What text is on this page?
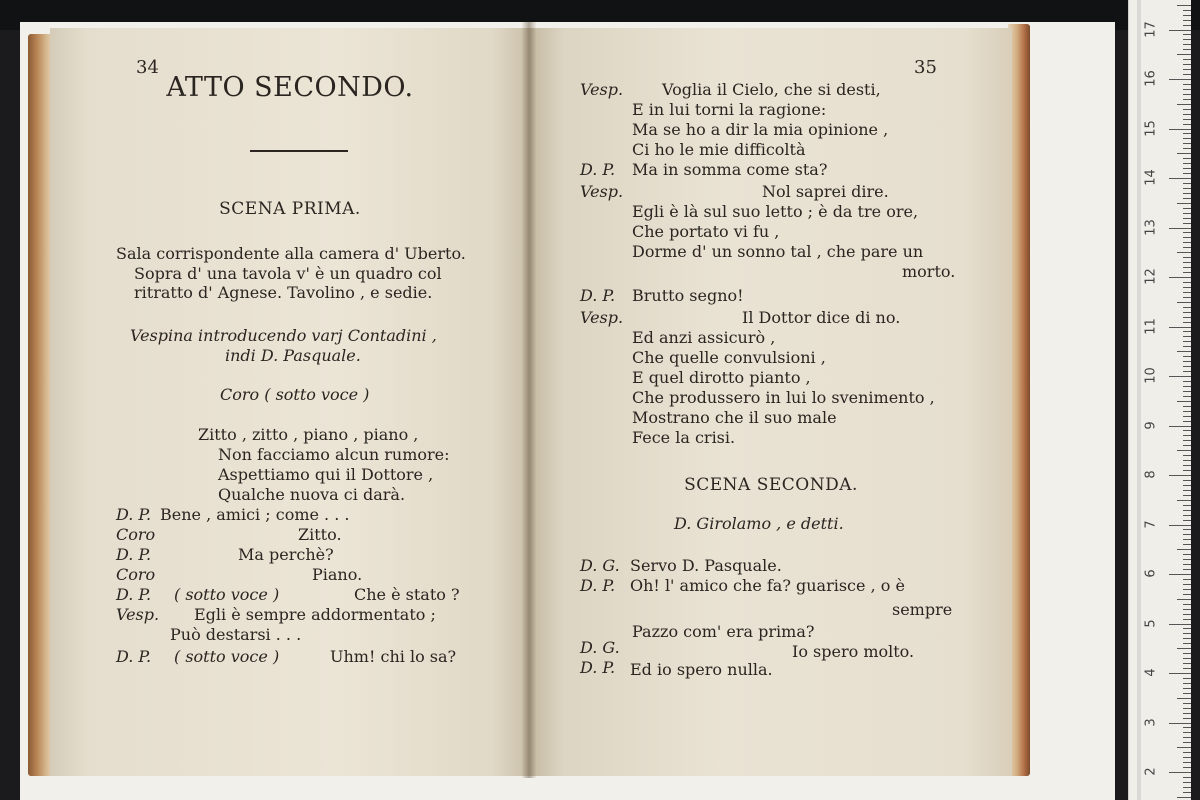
34
ATTO SECONDO.
SCENA PRIMA.
Sala corrispondente alla camera d' Uberto.
Sopra d' una tavola v' è un quadro col
ritratto d' Agnese. Tavolino , e sedie.
Vespina introducendo varj Contadini ,
indi D. Pasquale.
Coro ( sotto voce )
Zitto , zitto , piano , piano ,
Non facciamo alcun rumore:
Aspettiamo qui il Dottore ,
Qualche nuova ci darà.
D. P. Bene , amici ; come . . .
Coro	Zitto.
D. P.	Ma perchè?
Coro	Piano.
D. P. ( sotto voce )	Che è stato ?
Vesp. Egli è sempre addormentato ;
Può destarsi . . .
D. P. ( sotto voce )	Uhm! chi lo sa?
35
Vesp. Voglia il Cielo, che si desti,
E in lui torni la ragione:
Ma se ho a dir la mia opinione ,
Ci ho le mie difficoltà
D. P. Ma in somma come sta?
Vesp.	Nol saprei dire.
Egli è là sul suo letto ; è da tre ore,
Che portato vi fu ,
Dorme d' un sonno tal , che pare un
morto.
D. P. Brutto segno!
Vesp.	Il Dottor dice di no.
Ed anzi assicurò ,
Che quelle convulsioni ,
E quel dirotto pianto ,
Che produssero in lui lo svenimento ,
Mostrano che il suo male
Fece la crisi.
SCENA SECONDA.
D. Girolamo , e detti.
D. G. Servo D. Pasquale.
D. P. Oh! l' amico che fa? guarisce , o è
sempre
Pazzo com' era prima?
D. G.	Io spero molto.
D. P. Ed io spero nulla.
2
3
4
5
6
7
8
9
10
11
12
13
14
15
16
17
